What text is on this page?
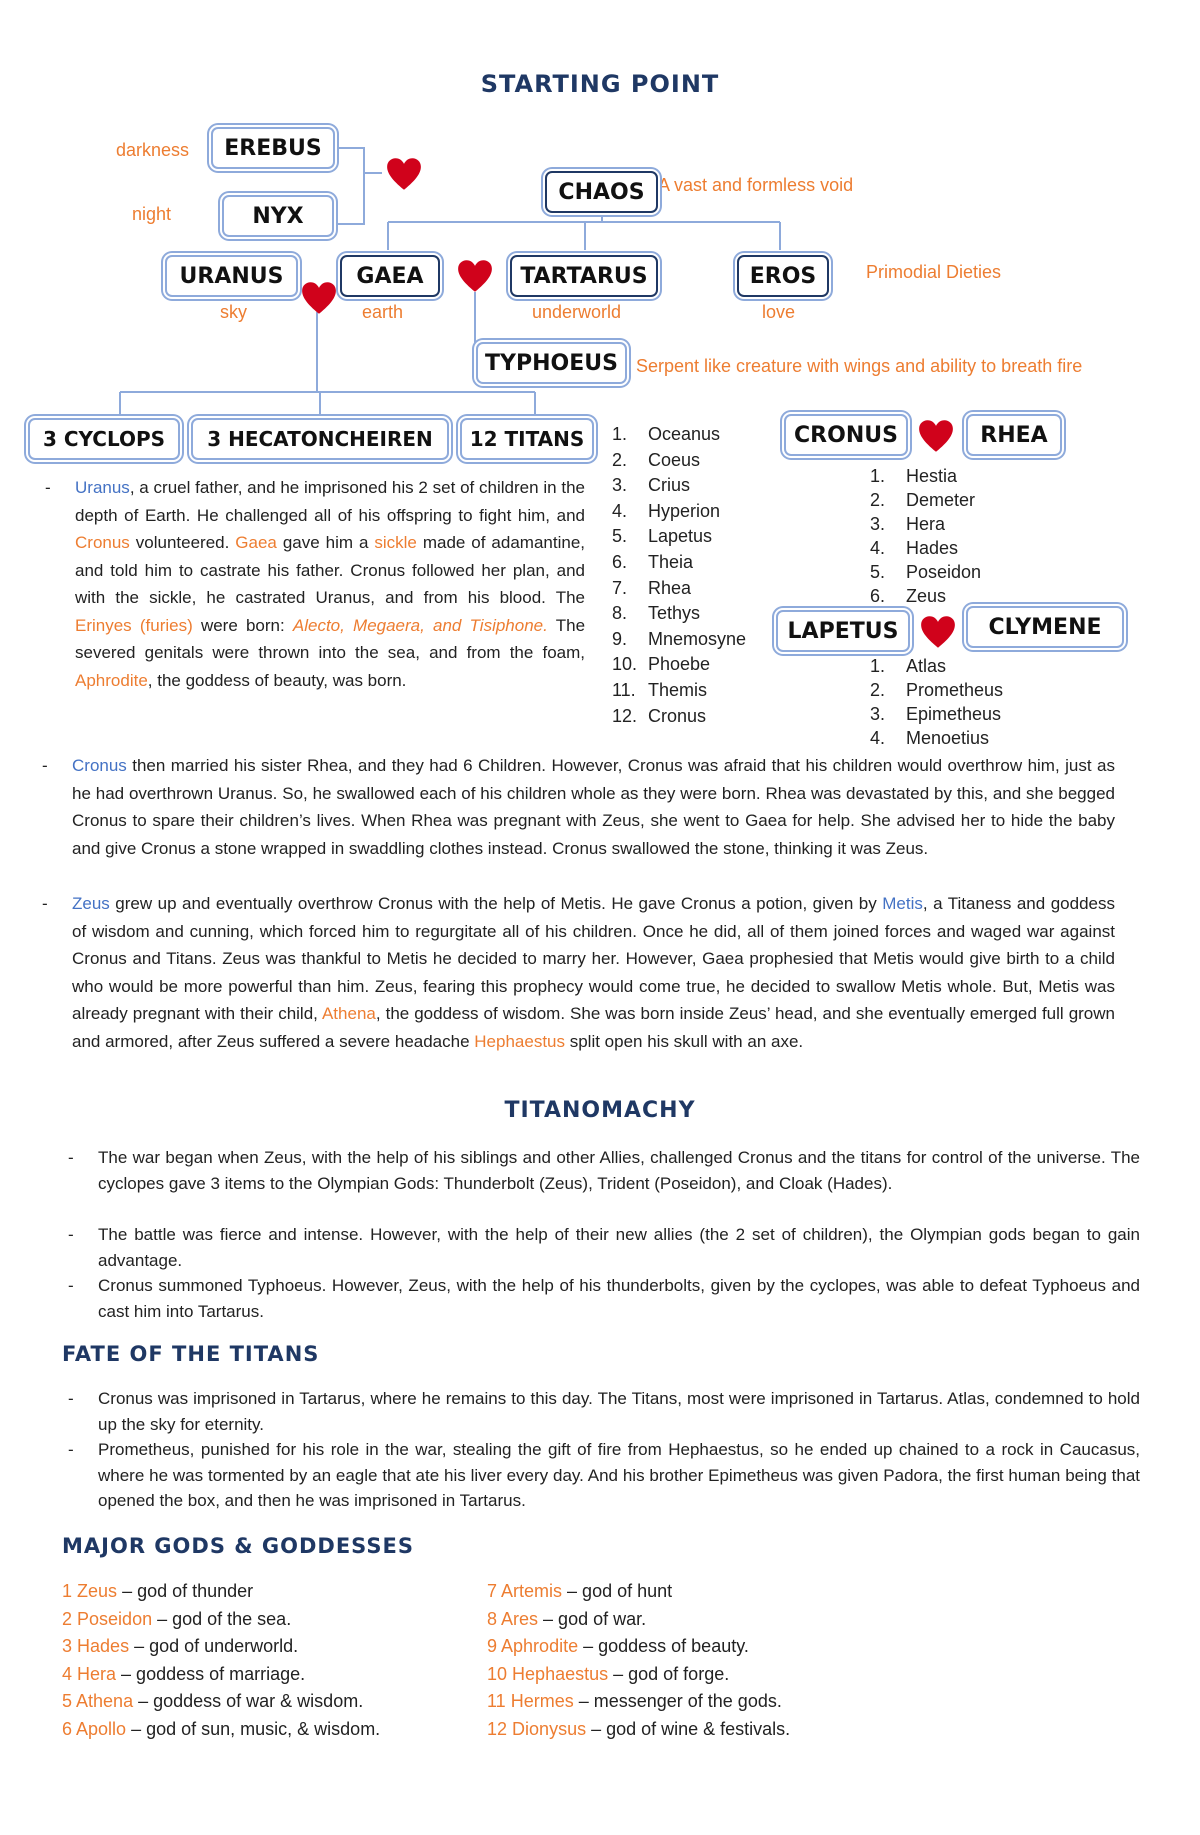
STARTING POINT
darkness
night
A vast and formless void
sky	earth	underworld	love
Primodial Dieties
Serpent like creature with wings and ability to breath fire
EREBUS
NYX
CHAOS
URANUS	GAEA	TARTARUS	EROS
TYPHOEUS
3 CYCLOPS	3 HECATONCHEIREN	12 TITANS	CRONUS	RHEA
LAPETUS	CLYMENE
1. Oceanus
2. Coeus
3. Crius
4. Hyperion
5. Lapetus
6. Theia
7. Rhea
8. Tethys
9. Mnemosyne
10. Phoebe
11. Themis
12. Cronus
1. Hestia
2. Demeter
3. Hera
4. Hades
5. Poseidon
6. Zeus
1. Atlas
2. Prometheus
3. Epimetheus
4. Menoetius
- Uranus, a cruel father, and he imprisoned his 2 set of children in the depth of Earth. He challenged all of his offspring to fight him, and Cronus volunteered. Gaea gave him a sickle made of adamantine, and told him to castrate his father. Cronus followed her plan, and with the sickle, he castrated Uranus, and from his blood. The Erinyes (furies) were born: Alecto, Megaera, and Tisiphone. The severed genitals were thrown into the sea, and from the foam, Aphrodite, the goddess of beauty, was born.
- Cronus then married his sister Rhea, and they had 6 Children. However, Cronus was afraid that his children would overthrow him, just as he had overthrown Uranus. So, he swallowed each of his children whole as they were born. Rhea was devastated by this, and she begged Cronus to spare their children’s lives. When Rhea was pregnant with Zeus, she went to Gaea for help. She advised her to hide the baby and give Cronus a stone wrapped in swaddling clothes instead. Cronus swallowed the stone, thinking it was Zeus.
- Zeus grew up and eventually overthrow Cronus with the help of Metis. He gave Cronus a potion, given by Metis, a Titaness and goddess of wisdom and cunning, which forced him to regurgitate all of his children. Once he did, all of them joined forces and waged war against Cronus and Titans. Zeus was thankful to Metis he decided to marry her. However, Gaea prophesied that Metis would give birth to a child who would be more powerful than him. Zeus, fearing this prophecy would come true, he decided to swallow Metis whole. But, Metis was already pregnant with their child, Athena, the goddess of wisdom. She was born inside Zeus’ head, and she eventually emerged full grown and armored, after Zeus suffered a severe headache Hephaestus split open his skull with an axe.
TITANOMACHY
- The war began when Zeus, with the help of his siblings and other Allies, challenged Cronus and the titans for control of the universe. The cyclopes gave 3 items to the Olympian Gods: Thunderbolt (Zeus), Trident (Poseidon), and Cloak (Hades).
- The battle was fierce and intense. However, with the help of their new allies (the 2 set of children), the Olympian gods began to gain advantage.
- Cronus summoned Typhoeus. However, Zeus, with the help of his thunderbolts, given by the cyclopes, was able to defeat Typhoeus and cast him into Tartarus.
FATE OF THE TITANS
- Cronus was imprisoned in Tartarus, where he remains to this day. The Titans, most were imprisoned in Tartarus. Atlas, condemned to hold up the sky for eternity.
- Prometheus, punished for his role in the war, stealing the gift of fire from Hephaestus, so he ended up chained to a rock in Caucasus, where he was tormented by an eagle that ate his liver every day. And his brother Epimetheus was given Padora, the first human being that opened the box, and then he was imprisoned in Tartarus.
MAJOR GODS & GODDESSES
1 Zeus – god of thunder
2 Poseidon – god of the sea.
3 Hades – god of underworld.
4 Hera – goddess of marriage.
5 Athena – goddess of war & wisdom.
6 Apollo – god of sun, music, & wisdom.
7 Artemis – god of hunt
8 Ares – god of war.
9 Aphrodite – goddess of beauty.
10 Hephaestus – god of forge.
11 Hermes – messenger of the gods.
12 Dionysus – god of wine & festivals.
